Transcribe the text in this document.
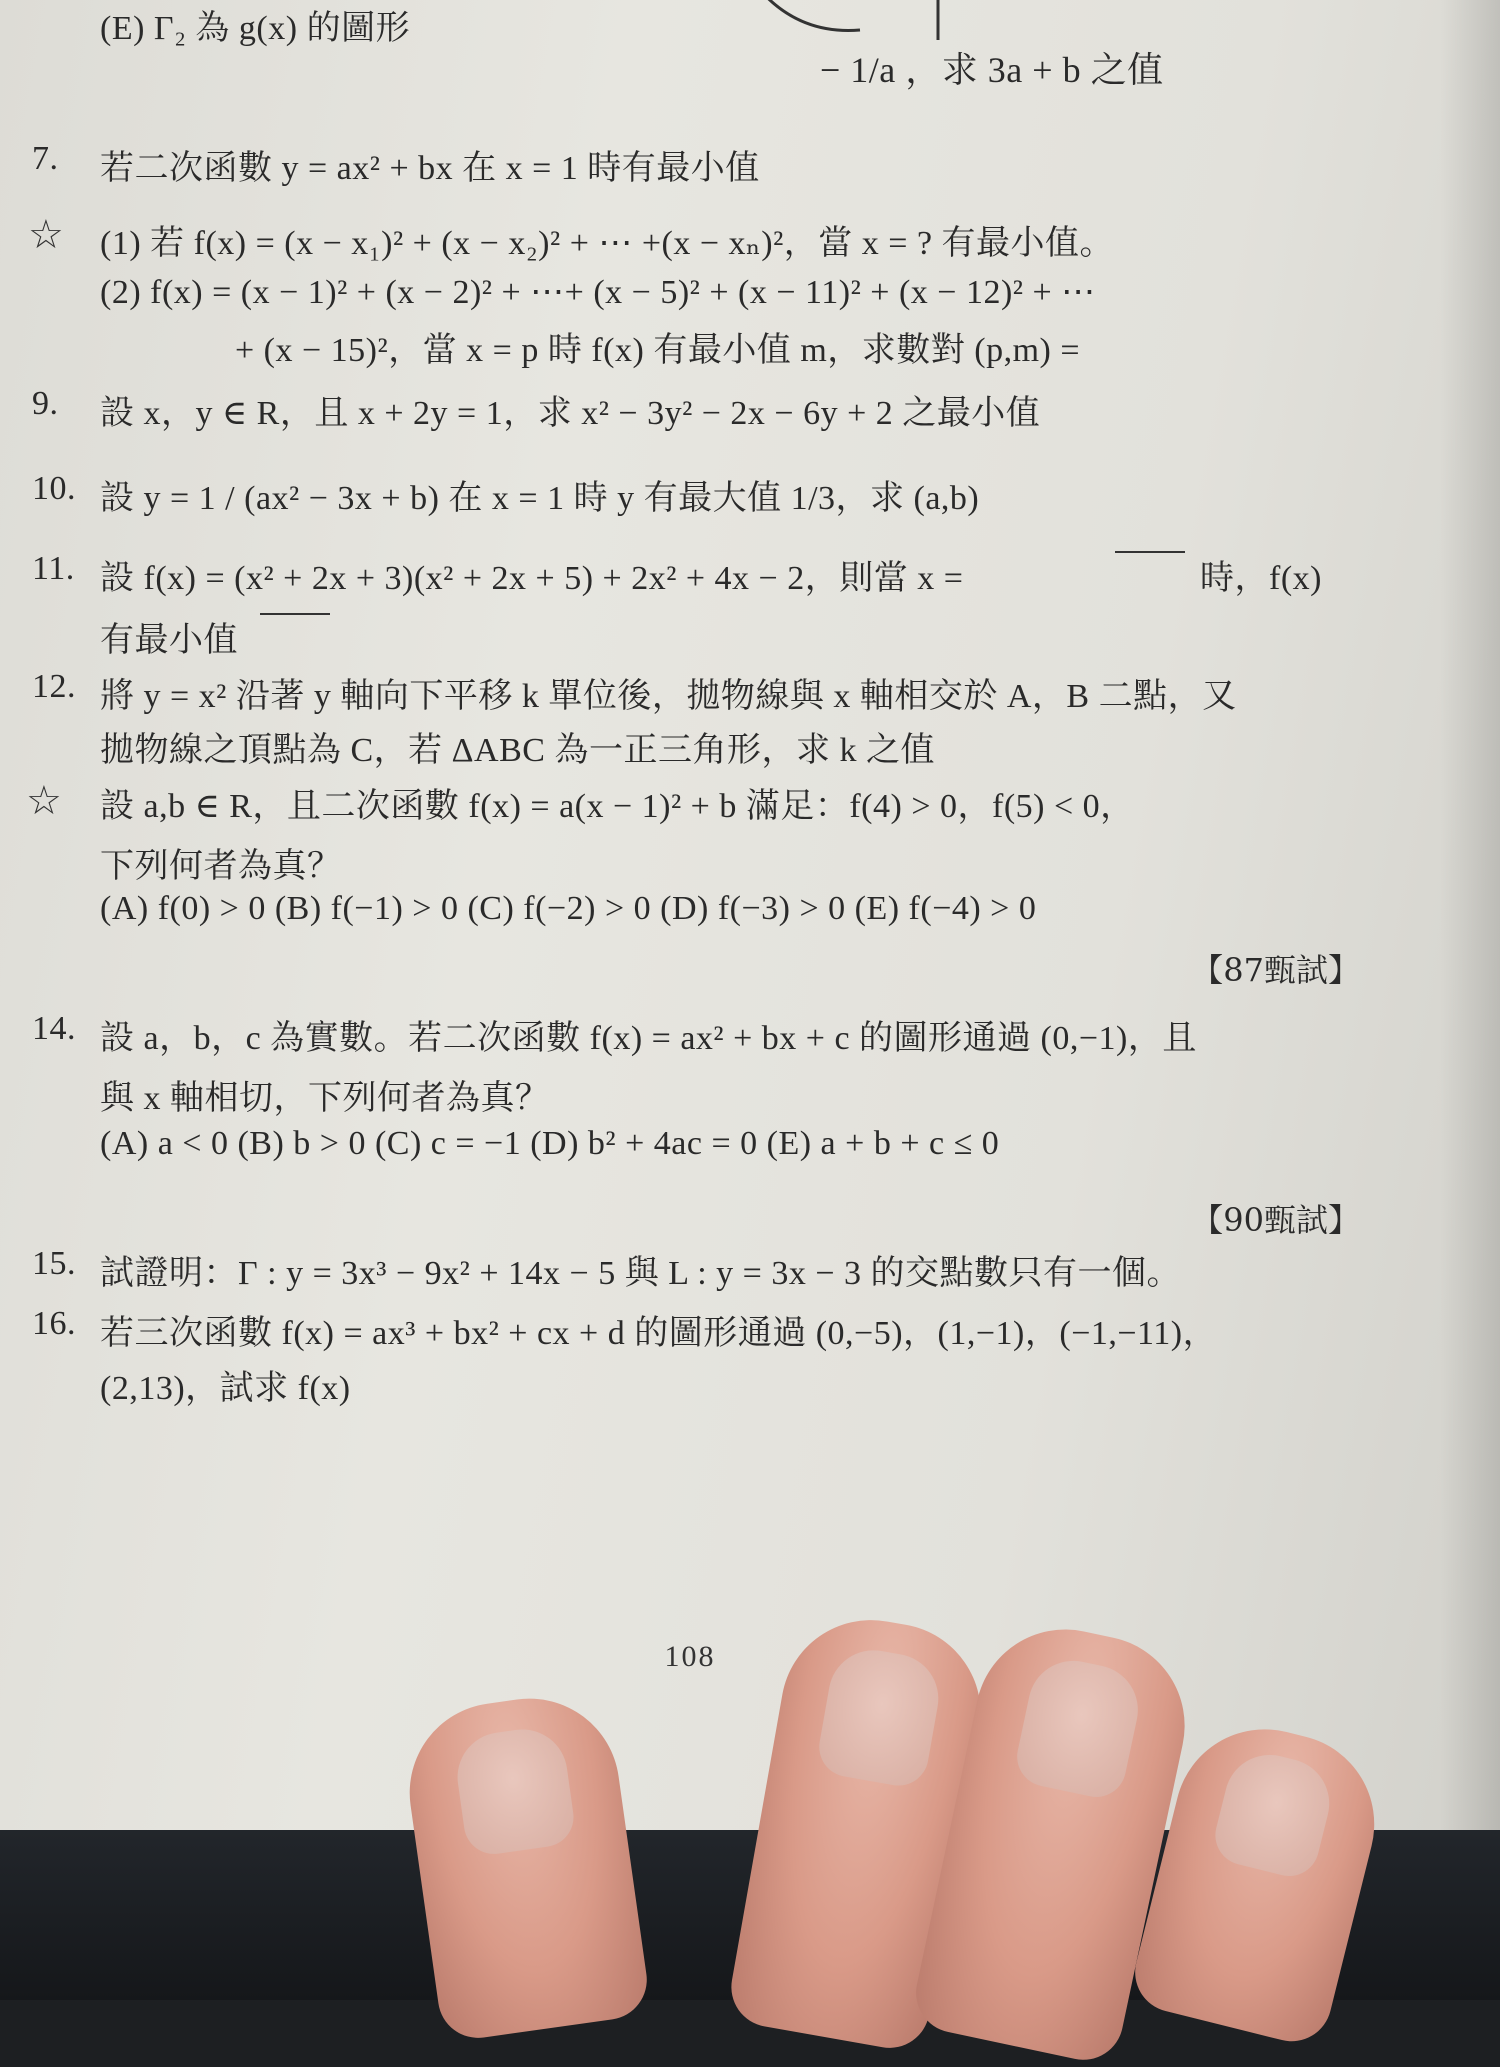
(E) Γ₂ 為 g(x) 的圖形
− 1/a ，求 3a + b 之值
7.	若二次函數 y = ax² + bx 在 x = 1 時有最小值
☆ (1) 若 f(x) = (x − x₁)² + (x − x₂)² + ⋯ +(x − xₙ)²，當 x = ? 有最小值。
(2) f(x) = (x − 1)² + (x − 2)² + ⋯+ (x − 5)² + (x − 11)² + (x − 12)² + ⋯
+ (x − 15)²，當 x = p 時 f(x) 有最小值 m，求數對 (p,m) =
9.	設 x，y ∈ R，且 x + 2y = 1，求 x² − 3y² − 2x − 6y + 2 之最小值
10. 設 y = 1 / (ax² − 3x + b) 在 x = 1 時 y 有最大值 1/3，求 (a,b)
11. 設 f(x) = (x² + 2x + 3)(x² + 2x + 5) + 2x² + 4x − 2，則當 x =	時，f(x)
有最小值
12. 將 y = x² 沿著 y 軸向下平移 k 單位後，拋物線與 x 軸相交於 A，B 二點，又
拋物線之頂點為 C，若 ΔABC 為一正三角形，求 k 之值
☆ 設 a,b ∈ R，且二次函數 f(x) = a(x − 1)² + b 滿足：f(4) > 0，f(5) < 0，
下列何者為真？
(A) f(0) > 0 (B) f(−1) > 0 (C) f(−2) > 0 (D) f(−3) > 0 (E) f(−4) > 0
【87甄試】
14. 設 a，b，c 為實數。若二次函數 f(x) = ax² + bx + c 的圖形通過 (0,−1)，且
與 x 軸相切，下列何者為真？
(A) a < 0 (B) b > 0 (C) c = −1 (D) b² + 4ac = 0 (E) a + b + c ≤ 0
【90甄試】
15. 試證明：Γ : y = 3x³ − 9x² + 14x − 5 與 L : y = 3x − 3 的交點數只有一個。
16. 若三次函數 f(x) = ax³ + bx² + cx + d 的圖形通過 (0,−5)，(1,−1)，(−1,−11)，
(2,13)，試求 f(x)
108
